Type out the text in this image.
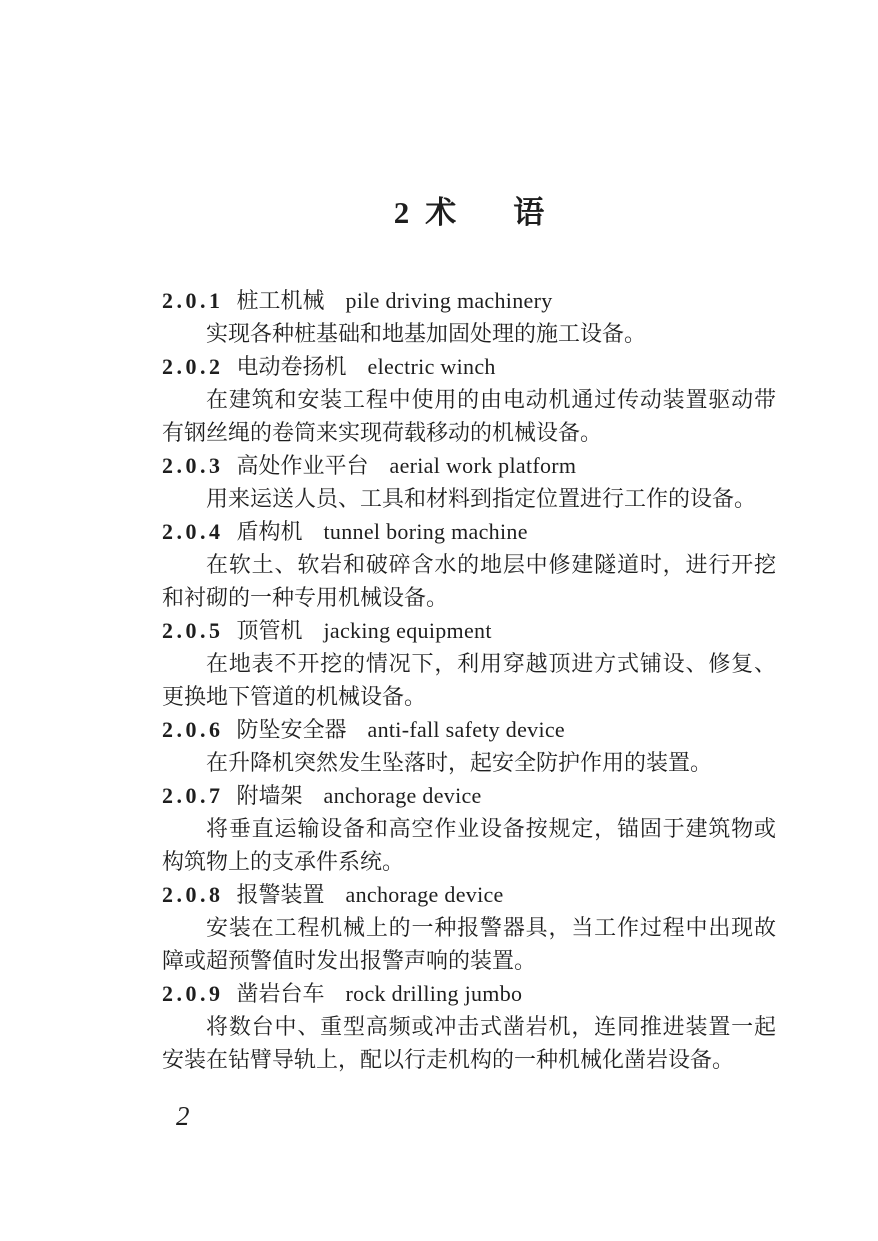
2 术语

2.0.1 桩工机械 pile driving machinery

实现各种桩基础和地基加固处理的施工设备。

2.0.2 电动卷扬机 electric winch

在建筑和安装工程中使用的由电动机通过传动装置驱动带有钢丝绳的卷筒来实现荷载移动的机械设备。

2.0.3 高处作业平台 aerial work platform

用来运送人员、工具和材料到指定位置进行工作的设备。

2.0.4 盾构机 tunnel boring machine

在软土、软岩和破碎含水的地层中修建隧道时，进行开挖和衬砌的一种专用机械设备。

2.0.5 顶管机 jacking equipment

在地表不开挖的情况下，利用穿越顶进方式铺设、修复、更换地下管道的机械设备。

2.0.6 防坠安全器 anti-fall safety device

在升降机突然发生坠落时，起安全防护作用的装置。

2.0.7 附墙架 anchorage device

将垂直运输设备和高空作业设备按规定，锚固于建筑物或构筑物上的支承件系统。

2.0.8 报警装置 anchorage device

安装在工程机械上的一种报警器具，当工作过程中出现故障或超预警值时发出报警声响的装置。

2.0.9 凿岩台车 rock drilling jumbo

将数台中、重型高频或冲击式凿岩机，连同推进装置一起安装在钻臂导轨上，配以行走机构的一种机械化凿岩设备。

2
